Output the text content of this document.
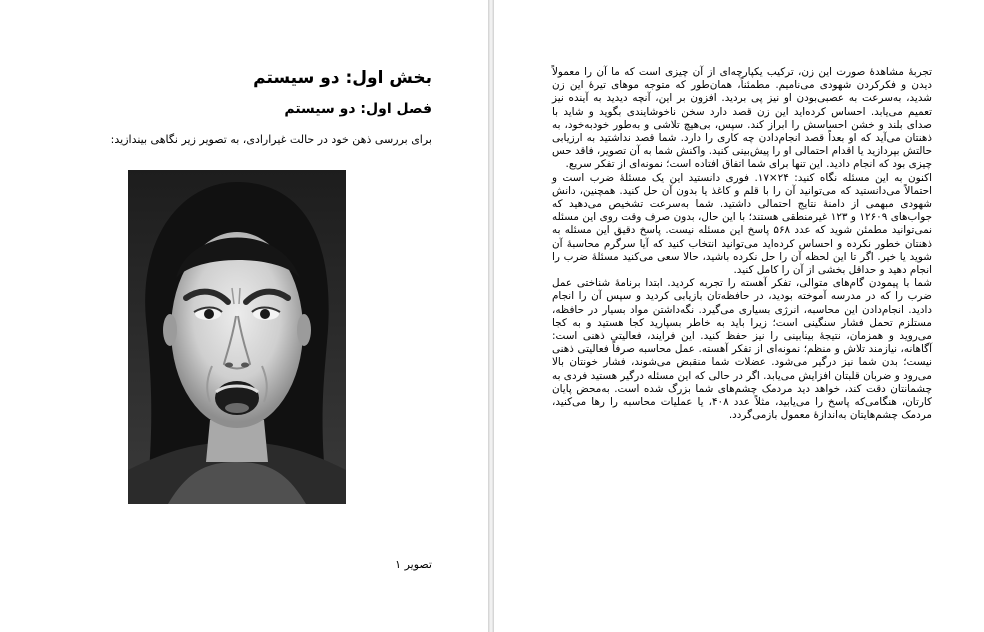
بخش اول: دو سیستم
فصل اول: دو سیستم
برای بررسی ذهن خود در حالت غیرارادی، به تصویر زیر نگاهی بیندازید:
تصویر ۱

تجربۀ مشاهدۀ صورت این زن، ترکیب یکپارچه‌ای از آن چیزی است که ما آن را معمولاً دیدن و فکرکردن شهودی می‌نامیم. مطمئناً، همان‌طور که متوجه موهای تیرۀ این زن شدید، به‌سرعت به عصبی‌بودن او نیز پی بردید. افزون بر این، آنچه دیدید به آینده نیز تعمیم می‌یابد. احساس کرده‌اید این زن قصد دارد سخن ناخوشایندی بگوید و شاید با صدای بلند و خشن احساسش را ابراز کند. سپس، بی‌هیچ تلاشی و به‌طور خودبه‌خود، به ذهنتان می‌آید که او بعداً قصد انجام‌دادن چه کاری را دارد. شما قصد نداشتید به ارزیابی حالتش بپردازید یا اقدام احتمالی او را پیش‌بینی کنید. واکنش شما به آن تصویر، فاقد حس چیزی بود که انجام دادید. این تنها برای شما اتفاق افتاده است؛ نمونه‌ای از تفکر سریع.

اکنون به این مسئله نگاه کنید: ۲۴×۱۷. فوری دانستید این یک مسئلۀ ضرب است و احتمالاً می‌دانستید که می‌توانید آن را با قلم و کاغذ یا بدون آن حل کنید. همچنین، دانش شهودی مبهمی از دامنۀ نتایج احتمالی داشتید. شما به‌سرعت تشخیص می‌دهید که جواب‌های ۱۲۶۰۹ و ۱۲۳ غیرمنطقی هستند؛ با این حال، بدون صرف وقت روی این مسئله نمی‌توانید مطمئن شوید که عدد ۵۶۸ پاسخ این مسئله نیست. پاسخ دقیق این مسئله به ذهنتان خطور نکرده و احساس کرده‌اید می‌توانید انتخاب کنید که آیا سرگرم محاسبۀ آن شوید یا خیر. اگر تا این لحظه آن را حل نکرده باشید، حالا سعی می‌کنید مسئلۀ ضرب را انجام دهید و حداقل بخشی از آن را کامل کنید.

شما با پیمودن گام‌های متوالی، تفکر آهسته را تجربه کردید. ابتدا برنامۀ شناختی عمل ضرب را که در مدرسه آموخته بودید، در حافظه‌تان بازیابی کردید و سپس آن را انجام دادید. انجام‌دادن این محاسبه، انرژی بسیاری می‌گیرد. نگه‌داشتن مواد بسیار در حافظه، مستلزم تحمل فشار سنگینی است؛ زیرا باید به خاطر بسپارید کجا هستید و به کجا می‌روید و همزمان، نتیجۀ بینابینی را نیز حفظ کنید. این فرایند، فعالیتی ذهنی است: آگاهانه، نیازمند تلاش و منظم؛ نمونه‌ای از تفکر آهسته. عمل محاسبه صرفاً فعالیتی ذهنی نیست؛ بدن شما نیز درگیر می‌شود. عضلات شما منقبض می‌شوند، فشار خونتان بالا می‌رود و ضربان قلبتان افزایش می‌یابد. اگر در حالی که این مسئله درگیر هستید فردی به چشمانتان دقت کند، خواهد دید مردمک چشم‌های شما بزرگ شده است. به‌محض پایان کارتان، هنگامی‌که پاسخ را می‌یابید، مثلاً عدد ۴۰۸، یا عملیات محاسبه را رها می‌کنید، مردمک چشم‌هایتان به‌اندازۀ معمول بازمی‌گردد.
